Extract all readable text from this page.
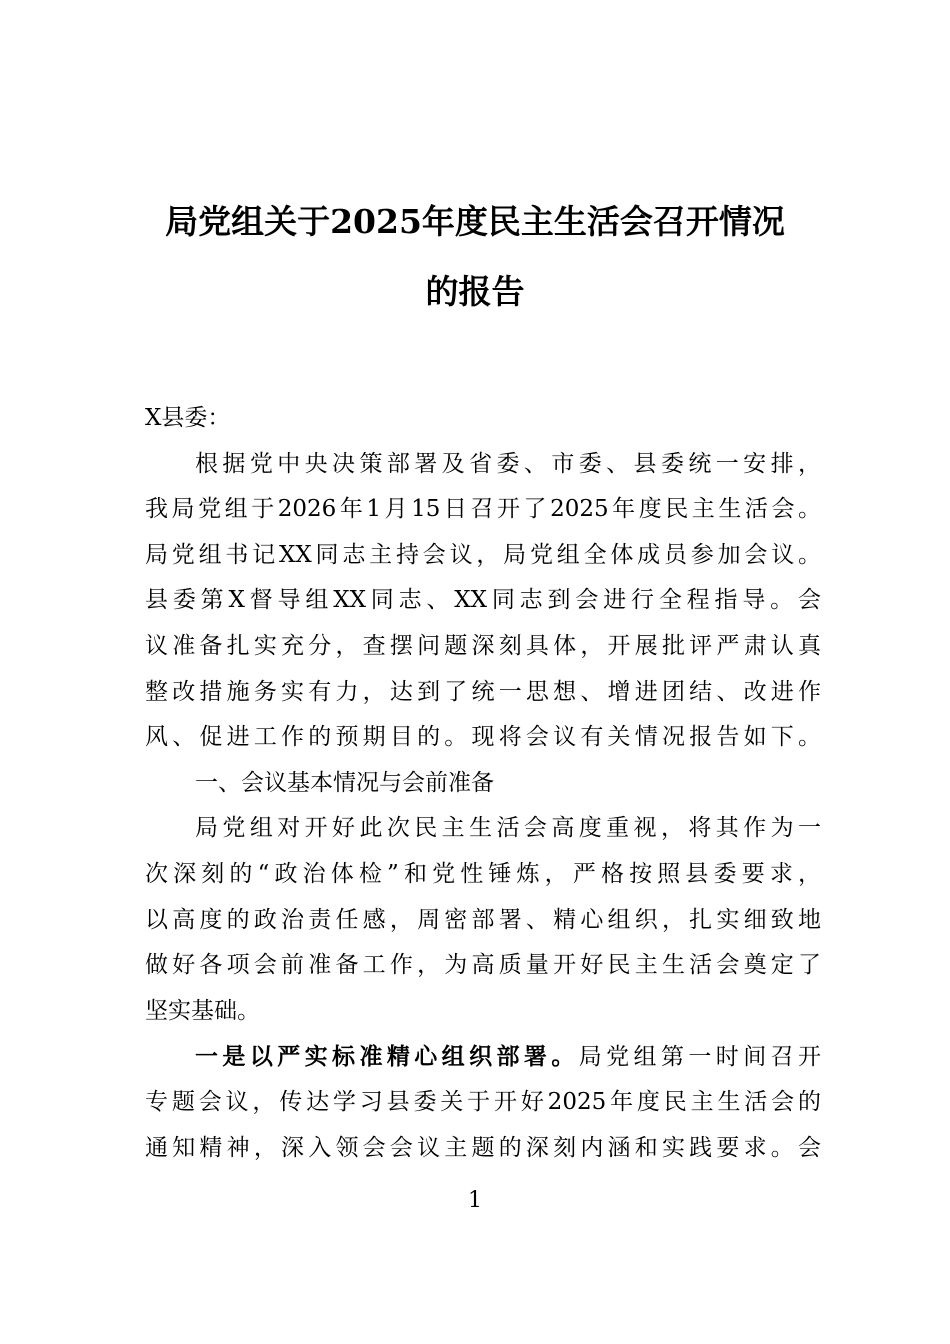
局党组关于2025年度民主生活会召开情况
的报告
X县委：
根据党中央决策部署及省委、市委、县委统一安排，
我局党组于2026年1月15日召开了2025年度民主生活会。
局党组书记XX同志主持会议，局党组全体成员参加会议。
县委第X督导组XX同志、XX同志到会进行全程指导。会
议准备扎实充分，查摆问题深刻具体，开展批评严肃认真
整改措施务实有力，达到了统一思想、增进团结、改进作
风、促进工作的预期目的。现将会议有关情况报告如下。
一、会议基本情况与会前准备
局党组对开好此次民主生活会高度重视，将其作为一
次深刻的“政治体检”和党性锤炼，严格按照县委要求，
以高度的政治责任感，周密部署、精心组织，扎实细致地
做好各项会前准备工作，为高质量开好民主生活会奠定了
坚实基础。
一是以严实标准精心组织部署。局党组第一时间召开
专题会议，传达学习县委关于开好2025年度民主生活会的
通知精神，深入领会会议主题的深刻内涵和实践要求。会
1
